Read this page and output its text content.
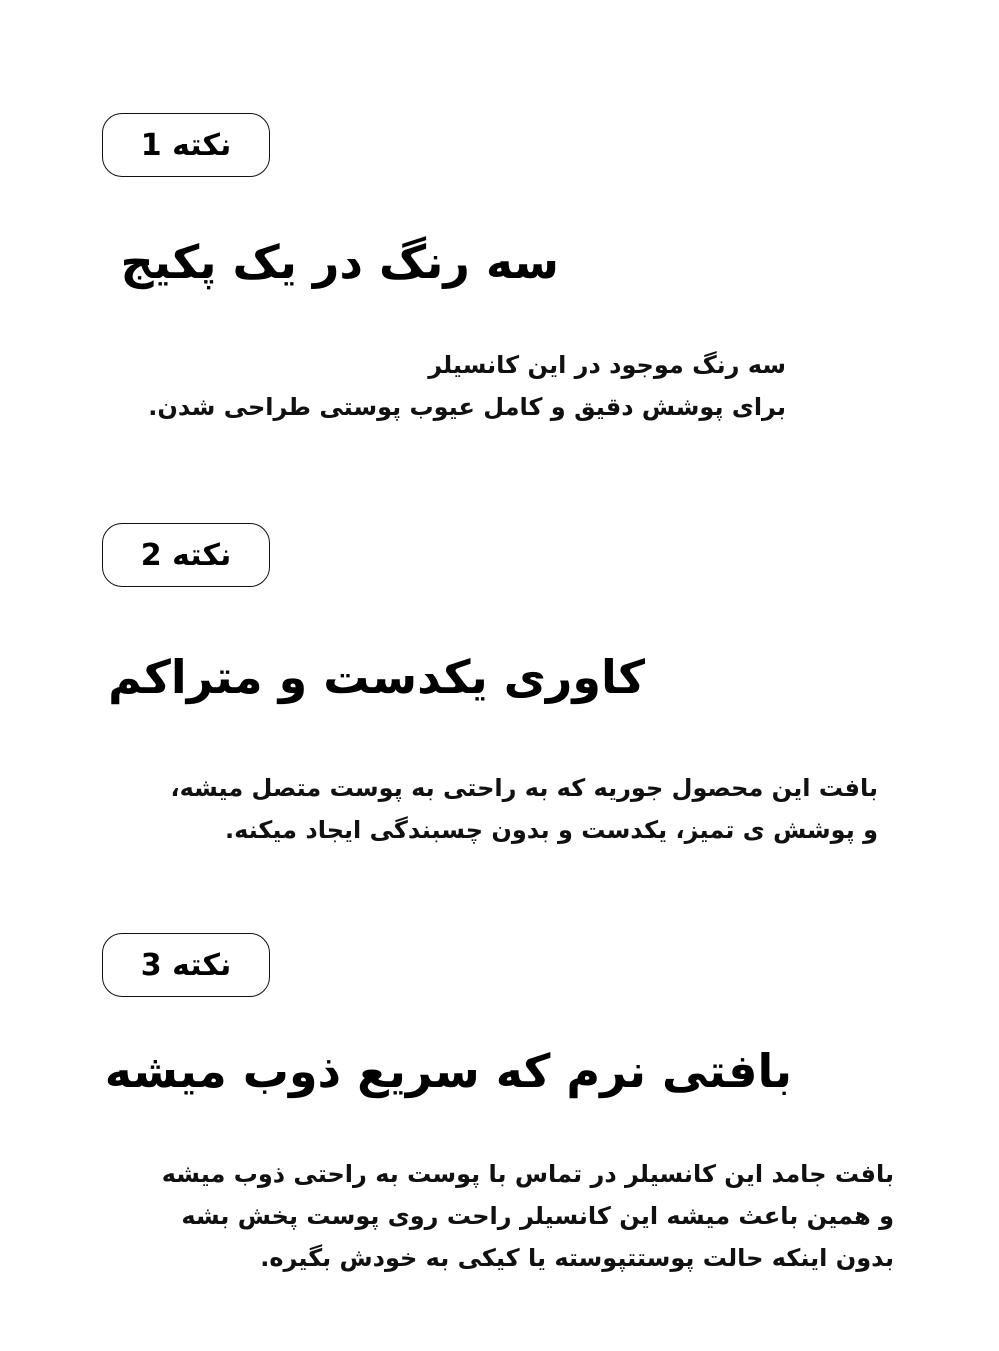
نکته 1
سه رنگ در یک پکیج
سه رنگ موجود در این کانسیلر
برای پوشش دقیق و کامل عیوب پوستی طراحی شدن.
نکته 2
کاوری یکدست و متراکم
بافت این محصول جوریه که به راحتی به پوست متصل میشه،
و پوشش ی تمیز، یکدست و بدون چسبندگی ایجاد میکنه.
نکته 3
بافتی نرم که سریع ذوب میشه
بافت جامد این کانسیلر در تماس با پوست به راحتی ذوب میشه
و همین باعث میشه این کانسیلر راحت روی پوست پخش بشه
بدون اینکه حالت پوستتپوسته یا کیکی به خودش بگیره.
